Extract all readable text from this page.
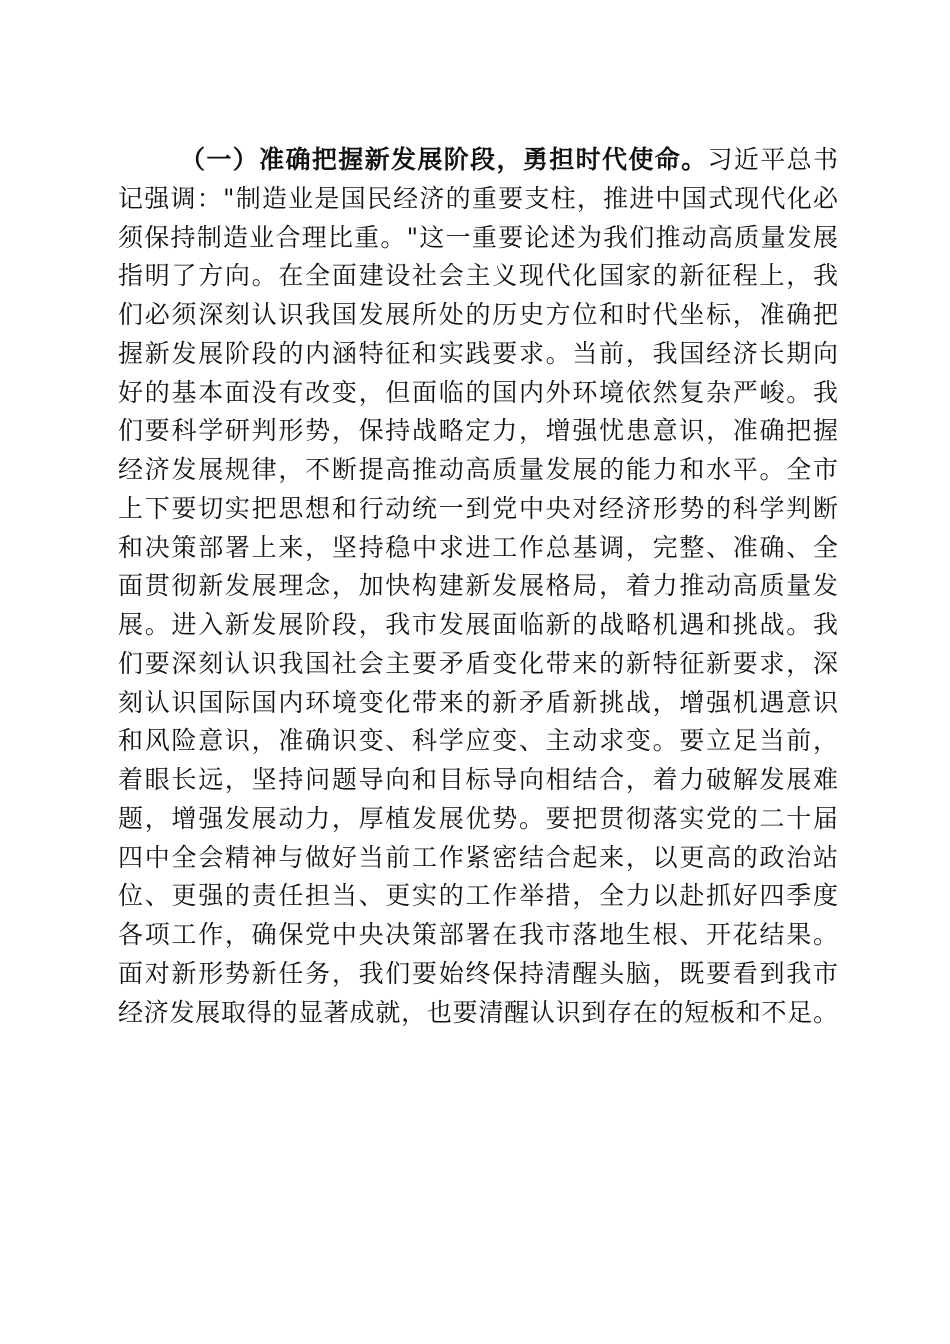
（一）准确把握新发展阶段，勇担时代使命。习近平总书
记强调："制造业是国民经济的重要支柱，推进中国式现代化必
须保持制造业合理比重。"这一重要论述为我们推动高质量发展
指明了方向。在全面建设社会主义现代化国家的新征程上，我
们必须深刻认识我国发展所处的历史方位和时代坐标，准确把
握新发展阶段的内涵特征和实践要求。当前，我国经济长期向
好的基本面没有改变，但面临的国内外环境依然复杂严峻。我
们要科学研判形势，保持战略定力，增强忧患意识，准确把握
经济发展规律，不断提高推动高质量发展的能力和水平。全市
上下要切实把思想和行动统一到党中央对经济形势的科学判断
和决策部署上来，坚持稳中求进工作总基调，完整、准确、全
面贯彻新发展理念，加快构建新发展格局，着力推动高质量发
展。进入新发展阶段，我市发展面临新的战略机遇和挑战。我
们要深刻认识我国社会主要矛盾变化带来的新特征新要求，深
刻认识国际国内环境变化带来的新矛盾新挑战，增强机遇意识
和风险意识，准确识变、科学应变、主动求变。要立足当前，
着眼长远，坚持问题导向和目标导向相结合，着力破解发展难
题，增强发展动力，厚植发展优势。要把贯彻落实党的二十届
四中全会精神与做好当前工作紧密结合起来，以更高的政治站
位、更强的责任担当、更实的工作举措，全力以赴抓好四季度
各项工作，确保党中央决策部署在我市落地生根、开花结果。
面对新形势新任务，我们要始终保持清醒头脑，既要看到我市
经济发展取得的显著成就，也要清醒认识到存在的短板和不足。
